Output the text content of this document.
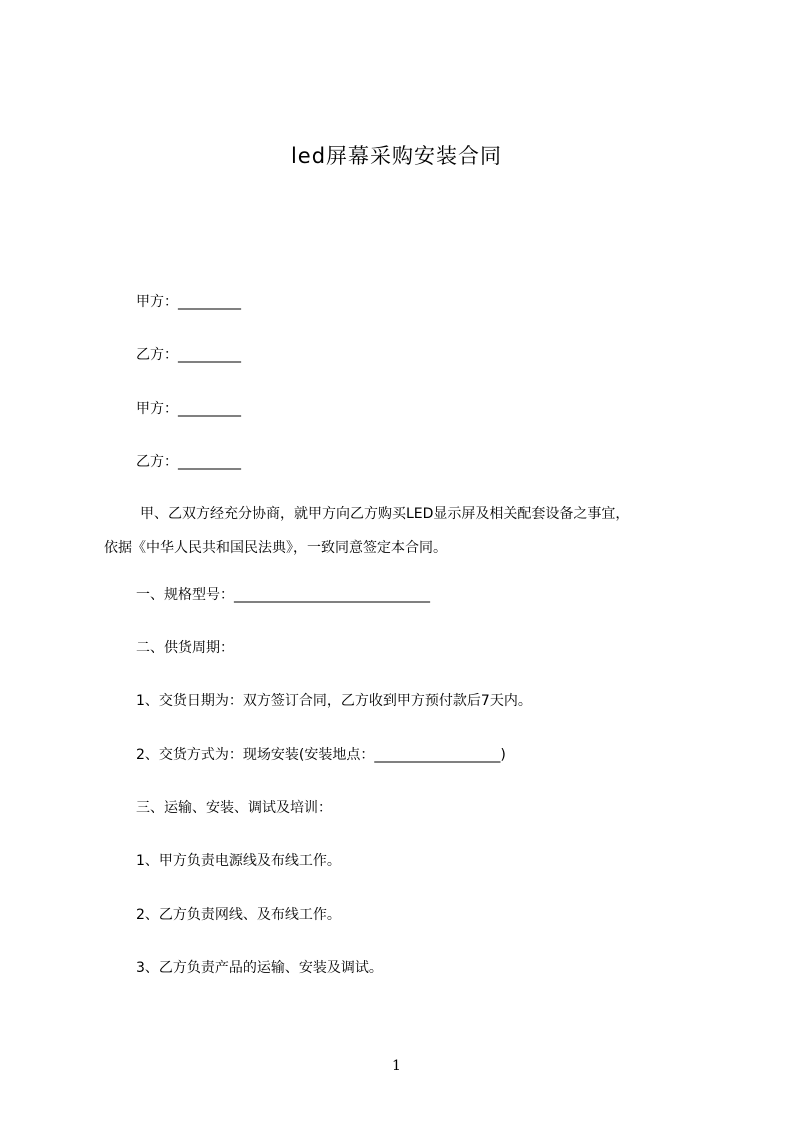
led屏幕采购安装合同
甲方：_________
乙方：_________
甲方：_________
乙方：_________
甲、乙双方经充分协商，就甲方向乙方购买LED显示屏及相关配套设备之事宜，
依据《中华人民共和国民法典》，一致同意签定本合同。
一、规格型号：____________________________
二、供货周期：
1、交货日期为：双方签订合同，乙方收到甲方预付款后7天内。
2、交货方式为：现场安装(安装地点：__________________)
三、运输、安装、调试及培训：
1、甲方负责电源线及布线工作。
2、乙方负责网线、及布线工作。
3、乙方负责产品的运输、安装及调试。
1
